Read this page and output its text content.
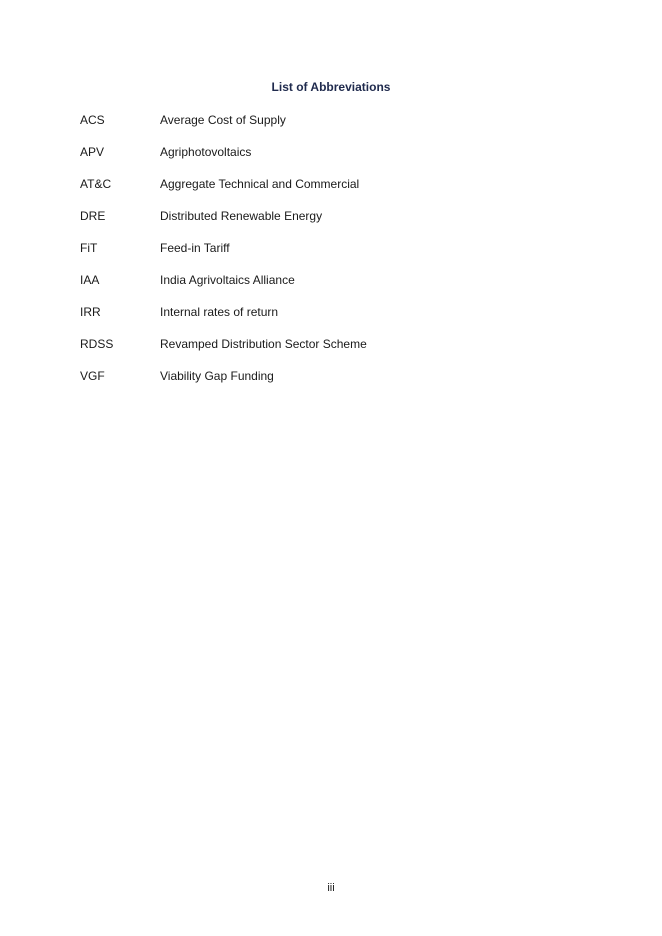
List of Abbreviations
ACS	Average Cost of Supply
APV	Agriphotovoltaics
AT&C	Aggregate Technical and Commercial
DRE	Distributed Renewable Energy
FiT	Feed-in Tariff
IAA	India Agrivoltaics Alliance
IRR	Internal rates of return
RDSS	Revamped Distribution Sector Scheme
VGF	Viability Gap Funding
iii
